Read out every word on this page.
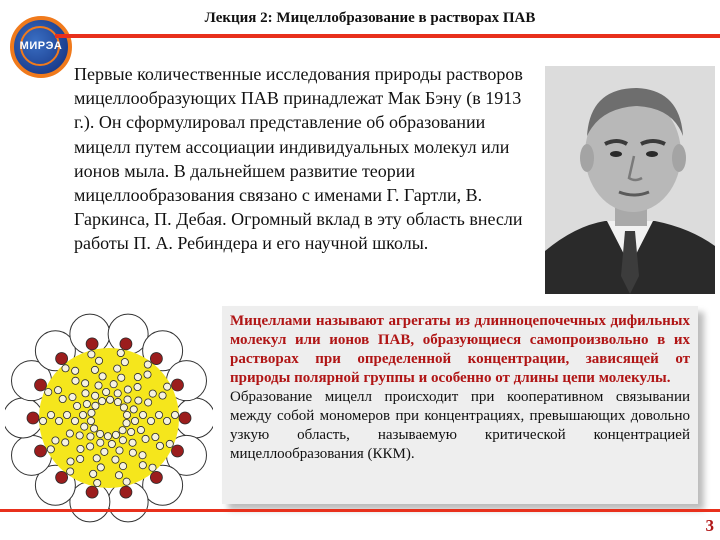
МИРЭА
Лекция 2: Мицеллобразование в растворах ПАВ

Первые количественные исследования природы растворов мицеллообразующих ПАВ принадлежат Мак Бэну (в 1913 г.). Он сформулировал представление об образовании мицелл путем ассоциации индивидуальных молекул или ионов мыла. В дальнейшем развитие теории мицеллообразования связано с именами Г. Гартли, В. Гаркинса, П. Дебая. Огромный вклад в эту область внесли работы П. А. Ребиндера и его научной школы.

Мицеллами называют агрегаты из длинноцепочечных дифильных молекул или ионов ПАВ, образующиеся самопроизвольно в их растворах при определенной концентрации, зависящей от природы полярной группы и особенно от длины цепи молекулы.

Образование мицелл происходит при кооперативном связывании между собой мономеров при концентрациях, превышающих довольно узкую область, называемую критической концентрацией мицеллообразования (ККМ).

3
